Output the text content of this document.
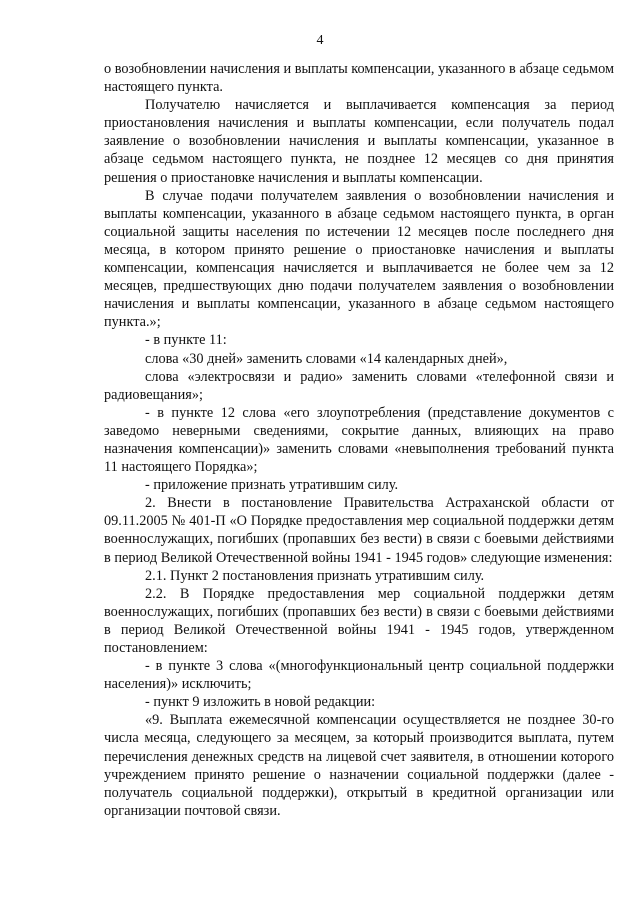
4

о возобновлении начисления и выплаты компенсации, указанного в абзаце седьмом настоящего пункта.

Получателю начисляется и выплачивается компенсация за период приостановления начисления и выплаты компенсации, если получатель подал заявление о возобновлении начисления и выплаты компенсации, указанное в абзаце седьмом настоящего пункта, не позднее 12 месяцев со дня принятия решения о приостановке начисления и выплаты компенсации.

В случае подачи получателем заявления о возобновлении начисления и выплаты компенсации, указанного в абзаце седьмом настоящего пункта, в орган социальной защиты населения по истечении 12 месяцев после последнего дня месяца, в котором принято решение о приостановке начисления и выплаты компенсации, компенсация начисляется и выплачивается не более чем за 12 месяцев, предшествующих дню подачи получателем заявления о возобновлении начисления и выплаты компенсации, указанного в абзаце седьмом настоящего пункта.»;

- в пункте 11:

слова «30 дней» заменить словами «14 календарных дней»,

слова «электросвязи и радио» заменить словами «телефонной связи и радиовещания»;

- в пункте 12 слова «его злоупотребления (представление документов с заведомо неверными сведениями, сокрытие данных, влияющих на право назначения компенсации)» заменить словами «невыполнения требований пункта 11 настоящего Порядка»;

- приложение признать утратившим силу.

2. Внести в постановление Правительства Астраханской области от 09.11.2005 № 401-П «О Порядке предоставления мер социальной поддержки детям военнослужащих, погибших (пропавших без вести) в связи с боевыми действиями в период Великой Отечественной войны 1941 - 1945 годов» следующие изменения:

2.1. Пункт 2 постановления признать утратившим силу.

2.2. В Порядке предоставления мер социальной поддержки детям военнослужащих, погибших (пропавших без вести) в связи с боевыми действиями в период Великой Отечественной войны 1941 - 1945 годов, утвержденном постановлением:

- в пункте 3 слова «(многофункциональный центр социальной поддержки населения)» исключить;

- пункт 9 изложить в новой редакции:

«9. Выплата ежемесячной компенсации осуществляется не позднее 30-го числа месяца, следующего за месяцем, за который производится выплата, путем перечисления денежных средств на лицевой счет заявителя, в отношении которого учреждением принято решение о назначении социальной поддержки (далее - получатель социальной поддержки), открытый в кредитной организации или организации почтовой связи.
